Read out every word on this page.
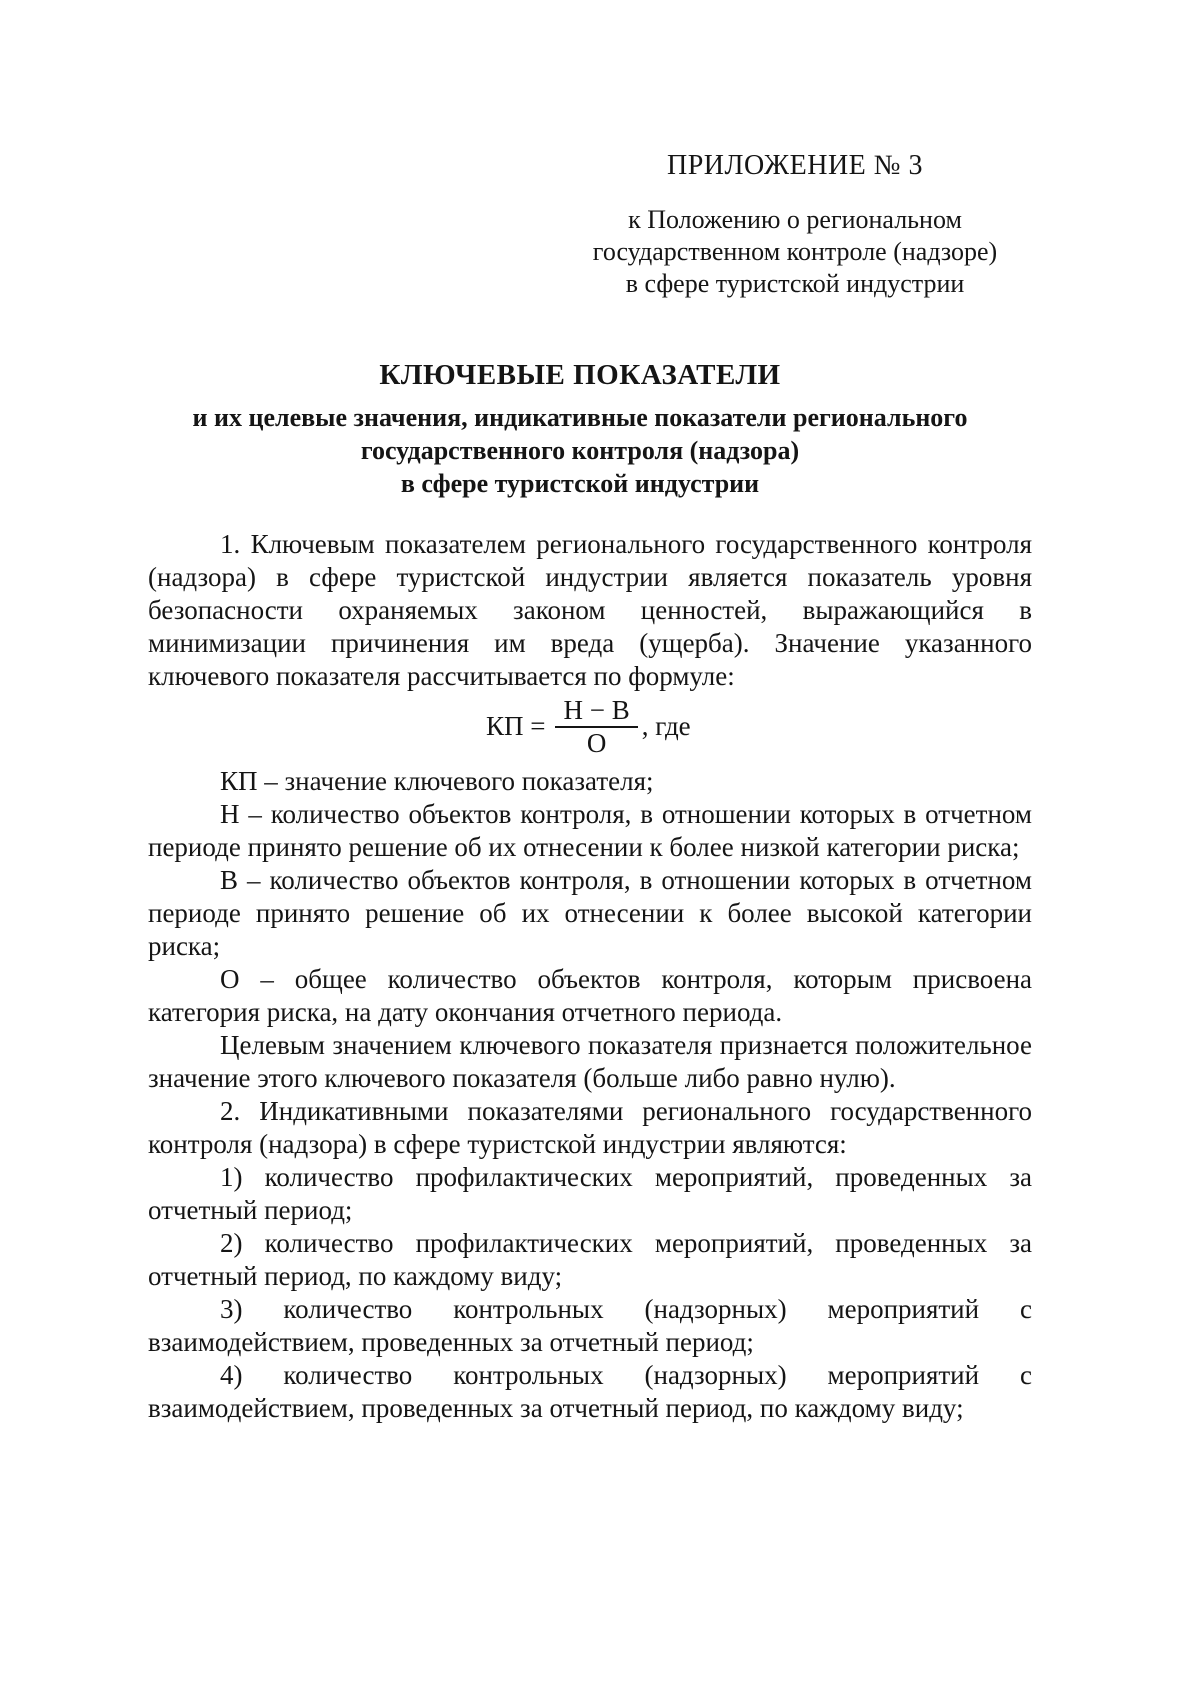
ПРИЛОЖЕНИЕ № 3
к Положению о региональном
государственном контроле (надзоре)
в сфере туристской индустрии
КЛЮЧЕВЫЕ ПОКАЗАТЕЛИ
и их целевые значения, индикативные показатели регионального
государственного контроля (надзора)
в сфере туристской индустрии

1. Ключевым показателем регионального государственного контроля (надзора) в сфере туристской индустрии является показатель уровня безопасности охраняемых законом ценностей, выражающийся в минимизации причинения им вреда (ущерба). Значение указанного ключевого показателя рассчитывается по формуле:

КП = $\frac{Н - В}{О}$ , где

КП – значение ключевого показателя;

Н – количество объектов контроля, в отношении которых в отчетном периоде принято решение об их отнесении к более низкой категории риска;

В – количество объектов контроля, в отношении которых в отчетном периоде принято решение об их отнесении к более высокой категории риска;

О – общее количество объектов контроля, которым присвоена категория риска, на дату окончания отчетного периода.

Целевым значением ключевого показателя признается положительное значение этого ключевого показателя (больше либо равно нулю).

2. Индикативными показателями регионального государственного контроля (надзора) в сфере туристской индустрии являются:

1) количество профилактических мероприятий, проведенных за отчетный период;

2) количество профилактических мероприятий, проведенных за отчетный период, по каждому виду;

3) количество контрольных (надзорных) мероприятий с взаимодействием, проведенных за отчетный период;

4) количество контрольных (надзорных) мероприятий с взаимодействием, проведенных за отчетный период, по каждому виду;
